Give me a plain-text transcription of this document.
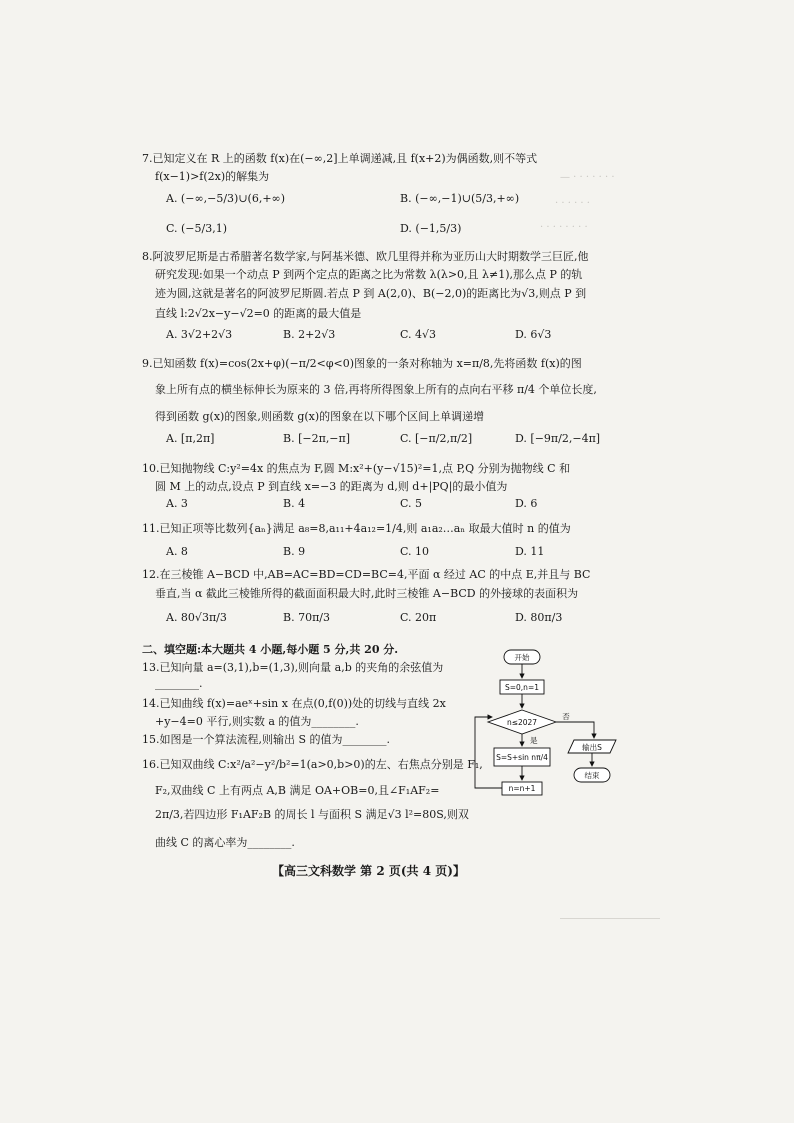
— · · · · · · ·
· · · · · ·
· · · · · · · ·
7.已知定义在 R 上的函数 f(x)在(−∞,2]上单调递减,且 f(x+2)为偶函数,则不等式
f(x−1)>f(2x)的解集为
A. (−∞,−5/3)∪(6,+∞)	B. (−∞,−1)∪(5/3,+∞)
C. (−5/3,1)	D. (−1,5/3)
8.阿波罗尼斯是古希腊著名数学家,与阿基米德、欧几里得并称为亚历山大时期数学三巨匠,他
研究发现:如果一个动点 P 到两个定点的距离之比为常数 λ(λ>0,且 λ≠1),那么点 P 的轨
迹为圆,这就是著名的阿波罗尼斯圆.若点 P 到 A(2,0)、B(−2,0)的距离比为√3,则点 P 到
直线 l:2√2x−y−√2=0 的距离的最大值是
A. 3√2+2√3	B. 2+2√3	C. 4√3	D. 6√3
9.已知函数 f(x)=cos(2x+φ)(−π/2<φ<0)图象的一条对称轴为 x=π/8,先将函数 f(x)的图
象上所有点的横坐标伸长为原来的 3 倍,再将所得图象上所有的点向右平移 π/4 个单位长度,
得到函数 g(x)的图象,则函数 g(x)的图象在以下哪个区间上单调递增
A. [π,2π]	B. [−2π,−π]	C. [−π/2,π/2]	D. [−9π/2,−4π]
10.已知抛物线 C:y²=4x 的焦点为 F,圆 M:x²+(y−√15)²=1,点 P,Q 分别为抛物线 C 和
圆 M 上的动点,设点 P 到直线 x=−3 的距离为 d,则 d+|PQ|的最小值为
A. 3	B. 4	C. 5	D. 6
11.已知正项等比数列{aₙ}满足 a₈=8,a₁₁+4a₁₂=1/4,则 a₁a₂…aₙ 取最大值时 n 的值为
A. 8	B. 9	C. 10	D. 11
12.在三棱锥 A−BCD 中,AB=AC=BD=CD=BC=4,平面 α 经过 AC 的中点 E,并且与 BC
垂直,当 α 截此三棱锥所得的截面面积最大时,此时三棱锥 A−BCD 的外接球的表面积为
A. 80√3π/3	B. 70π/3	C. 20π	D. 80π/3
二、填空题:本大题共 4 小题,每小题 5 分,共 20 分.
13.已知向量 a=(3,1),b=(1,3),则向量 a,b 的夹角的余弦值为
________.
14.已知曲线 f(x)=aeˣ+sin x 在点(0,f(0))处的切线与直线 2x
+y−4=0 平行,则实数 a 的值为________.
15.如图是一个算法流程,则输出 S 的值为________.
16.已知双曲线 C:x²/a²−y²/b²=1(a>0,b>0)的左、右焦点分别是 F₁,
F₂,双曲线 C 上有两点 A,B 满足 OA+OB=0,且∠F₁AF₂=
2π/3,若四边形 F₁AF₂B 的周长 l 与面积 S 满足√3 l²=80S,则双
曲线 C 的离心率为________.
开始
S=0,n=1
n≤2027
否
是
S=S+sin nπ/4
n=n+1
输出S
结束
【高三文科数学 第 2 页(共 4 页)】
